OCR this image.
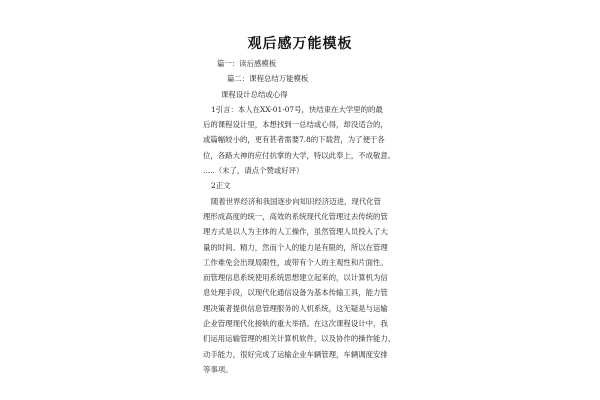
观后感万能模板
篇一：读后感模板
篇二：课程总结万能模板
课程设计总结或心得
1引言：本人在XX-01-07号，快结束在大学里的的最
后的课程设计里，本想找到一总结或心得，却没适合的，
或篇幅较小的，更有甚者需要7.8的下载营，为了便于各
位，各路大神的应付抗掌的大学，特以此奉上，不成敬意。
.....（未了，请点个赞或好评）
2正文
随着世界经济和我国逐步向知识经济迈进，现代化管
理形成高度的统一，高效的系统现代化管理过去传统的管
理方式是以人为主体的人工操作，虽然管理人员投入了大
量的时间、精力，然而个人的能力是有限的，所以在管理
工作难免会出现局限性，或带有个人的主观性和片面性。
而管理信息系统使用系统思想建立起来的，以计算机为信
息处理手段，以现代化通信设备为基本传输工具，能力管
理决策者提供信息管理服务的人机系统，这无疑是与运输
企业管理现代化接轨的重大举措。在这次课程设计中，我
们运用运输管理的相关计算机软件，以及协作的操作能力、
动手能力，很好完成了运输企业车辆管理，车辆调度安排
等事项。
